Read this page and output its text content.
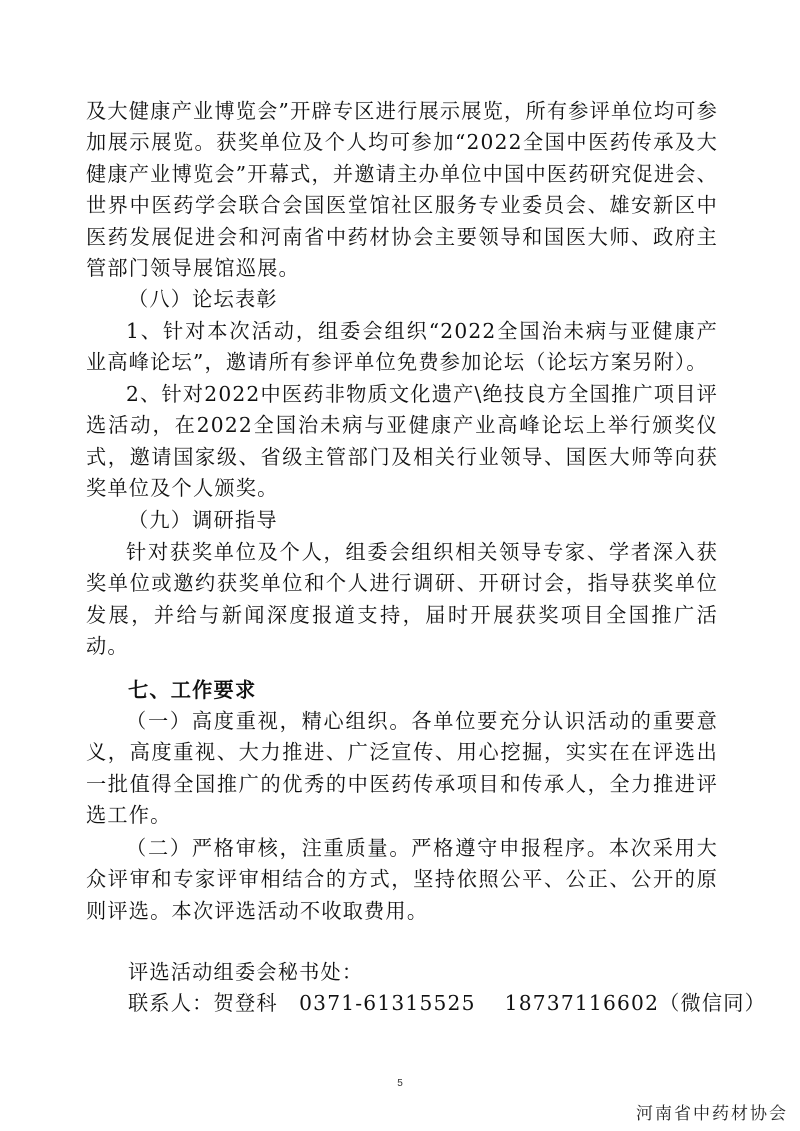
及大健康产业博览会”开辟专区进行展示展览，所有参评单位均可参加展示展览。获奖单位及个人均可参加“2022全国中医药传承及大健康产业博览会”开幕式，并邀请主办单位中国中医药研究促进会、世界中医药学会联合会国医堂馆社区服务专业委员会、雄安新区中医药发展促进会和河南省中药材协会主要领导和国医大师、政府主管部门领导展馆巡展。
（八）论坛表彰
1、针对本次活动，组委会组织“2022全国治未病与亚健康产业高峰论坛”，邀请所有参评单位免费参加论坛（论坛方案另附）。
2、针对2022中医药非物质文化遗产\绝技良方全国推广项目评选活动，在2022全国治未病与亚健康产业高峰论坛上举行颁奖仪式，邀请国家级、省级主管部门及相关行业领导、国医大师等向获奖单位及个人颁奖。
（九）调研指导
针对获奖单位及个人，组委会组织相关领导专家、学者深入获奖单位或邀约获奖单位和个人进行调研、开研讨会，指导获奖单位发展，并给与新闻深度报道支持，届时开展获奖项目全国推广活动。
七、工作要求
（一）高度重视，精心组织。各单位要充分认识活动的重要意义，高度重视、大力推进、广泛宣传、用心挖掘，实实在在评选出一批值得全国推广的优秀的中医药传承项目和传承人，全力推进评选工作。
（二）严格审核，注重质量。严格遵守申报程序。本次采用大众评审和专家评审相结合的方式，坚持依照公平、公正、公开的原则评选。本次评选活动不收取费用。
评选活动组委会秘书处：
联系人：贺登科　0371-61315525　 18737116602（微信同）
5
河南省中药材协会
